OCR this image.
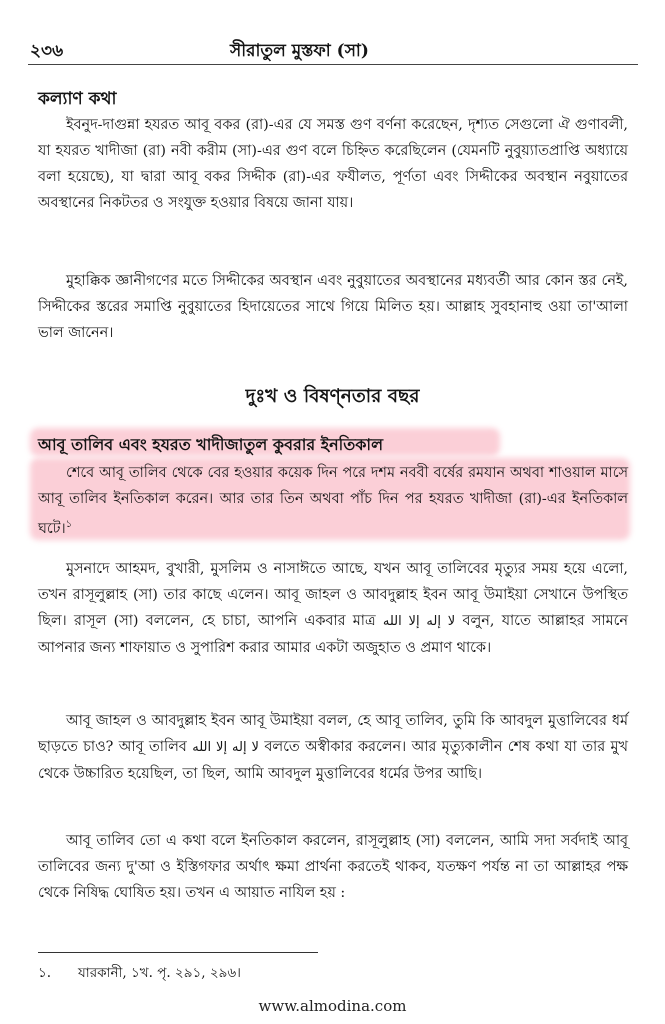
২৩৬	সীরাতুল মুস্তফা (সা)
কল্যাণ কথা

ইবনুদ-দাগুন্না হযরত আবূ বকর (রা)-এর যে সমস্ত গুণ বর্ণনা করেছেন, দৃশ্যত সেগুলো ঐ গুণাবলী, যা হযরত খাদীজা (রা) নবী করীম (সা)-এর গুণ বলে চিহ্নিত করেছিলেন (যেমনটি নুবুয়্যাতপ্রাপ্তি অধ্যায়ে বলা হয়েছে), যা দ্বারা আবূ বকর সিদ্দীক (রা)-এর ফযীলত, পূর্ণতা এবং সিদ্দীকের অবস্থান নবুয়াতের অবস্থানের নিকটতর ও সংযুক্ত হওয়ার বিষয়ে জানা যায়।

মুহাক্কিক জ্ঞানীগণের মতে সিদ্দীকের অবস্থান এবং নুবুয়াতের অবস্থানের মধ্যবর্তী আর কোন স্তর নেই, সিদ্দীকের স্তরের সমাপ্তি নুবুয়াতের হিদায়েতের সাথে গিয়ে মিলিত হয়। আল্লাহ সুবহানাহু ওয়া তা'আলা ভাল জানেন।

দুঃখ ও বিষণ্নতার বছর
আবূ তালিব এবং হযরত খাদীজাতুল কুবরার ইনতিকাল

শেবে আবূ তালিব থেকে বের হওয়ার কয়েক দিন পরে দশম নববী বর্ষের রমযান অথবা শাওয়াল মাসে আবূ তালিব ইনতিকাল করেন। আর তার তিন অথবা পাঁচ দিন পর হযরত খাদীজা (রা)-এর ইনতিকাল ঘটে।$^১$

মুসনাদে আহমদ, বুখারী, মুসলিম ও নাসাঈতে আছে, যখন আবূ তালিবের মৃত্যুর সময় হয়ে এলো, তখন রাসূলুল্লাহ (সা) তার কাছে এলেন। আবূ জাহল ও আবদুল্লাহ ইবন আবূ উমাইয়া সেখানে উপস্থিত ছিল। রাসূল (সা) বললেন, হে চাচা, আপনি একবার মাত্র لا إله إلا الله বলুন, যাতে আল্লাহর সামনে আপনার জন্য শাফায়াত ও সুপারিশ করার আমার একটা অজুহাত ও প্রমাণ থাকে।

আবূ জাহল ও আবদুল্লাহ ইবন আবূ উমাইয়া বলল, হে আবূ তালিব, তুমি কি আবদুল মুত্তালিবের ধর্ম ছাড়তে চাও? আবূ তালিব لا إله إلا الله বলতে অস্বীকার করলেন। আর মৃত্যুকালীন শেষ কথা যা তার মুখ থেকে উচ্চারিত হয়েছিল, তা ছিল, আমি আবদুল মুত্তালিবের ধর্মের উপর আছি।

আবূ তালিব তো এ কথা বলে ইনতিকাল করলেন, রাসূলুল্লাহ (সা) বললেন, আমি সদা সর্বদাই আবূ তালিবের জন্য দু'আ ও ইস্তিগফার অর্থাৎ ক্ষমা প্রার্থনা করতেই থাকব, যতক্ষণ পর্যন্ত না তা আল্লাহর পক্ষ থেকে নিষিদ্ধ ঘোষিত হয়। তখন এ আয়াত নাযিল হয় :

১. যারকানী, ১খ. পৃ. ২৯১, ২৯৬।
www.almodina.com
